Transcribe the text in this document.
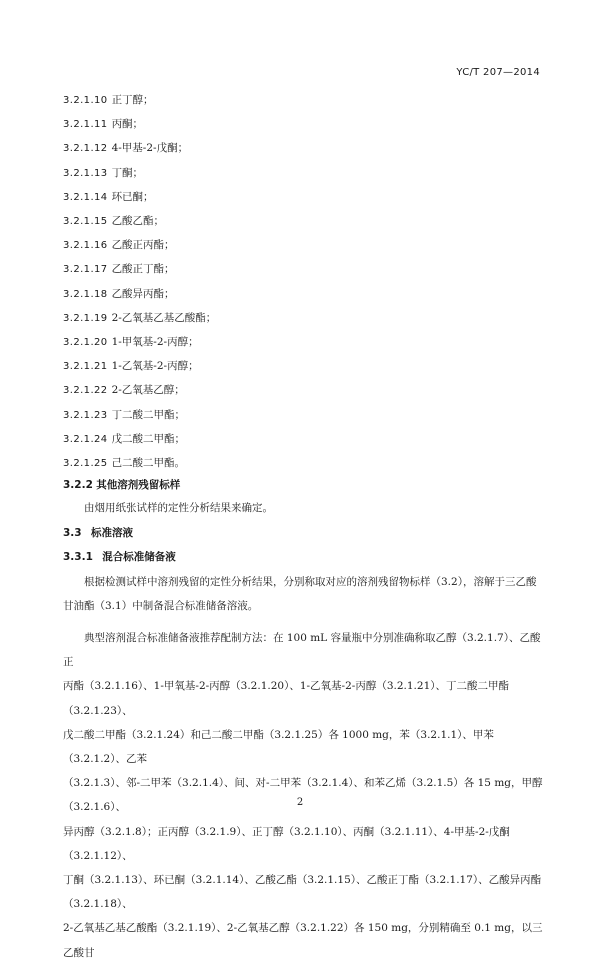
YC/T 207—2014
3.2.1.10 正丁醇；
3.2.1.11 丙酮；
3.2.1.12 4-甲基-2-戊酮；
3.2.1.13 丁酮；
3.2.1.14 环已酮；
3.2.1.15 乙酸乙酯；
3.2.1.16 乙酸正丙酯；
3.2.1.17 乙酸正丁酯；
3.2.1.18 乙酸异丙酯；
3.2.1.19 2-乙氧基乙基乙酸酯；
3.2.1.20 1-甲氧基-2-丙醇；
3.2.1.21 1-乙氧基-2-丙醇；
3.2.1.22 2-乙氧基乙醇；
3.2.1.23 丁二酸二甲酯；
3.2.1.24 戊二酸二甲酯；
3.2.1.25 己二酸二甲酯。
3.2.2 其他溶剂残留标样
由烟用纸张试样的定性分析结果来确定。
3.3 标准溶液
3.3.1 混合标准储备液
根据检测试样中溶剂残留的定性分析结果，分别称取对应的溶剂残留物标样（3.2），溶解于三乙酸
甘油酯（3.1）中制备混合标准储备溶液。
典型溶剂混合标准储备液推荐配制方法：在 100 mL 容量瓶中分别准确称取乙醇（3.2.1.7）、乙酸正
丙酯（3.2.1.16）、1-甲氧基-2-丙醇（3.2.1.20）、1-乙氧基-2-丙醇（3.2.1.21）、丁二酸二甲酯（3.2.1.23）、
戊二酸二甲酯（3.2.1.24）和己二酸二甲酯（3.2.1.25）各 1000 mg，苯（3.2.1.1）、甲苯（3.2.1.2）、乙苯
（3.2.1.3）、邻-二甲苯（3.2.1.4）、间、对-二甲苯（3.2.1.4）、和苯乙烯（3.2.1.5）各 15 mg，甲醇（3.2.1.6）、
异丙醇（3.2.1.8）；正丙醇（3.2.1.9）、正丁醇（3.2.1.10）、丙酮（3.2.1.11）、4-甲基-2-戊酮（3.2.1.12）、
丁酮（3.2.1.13）、环已酮（3.2.1.14）、乙酸乙酯（3.2.1.15）、乙酸正丁酯（3.2.1.17）、乙酸异丙酯（3.2.1.18）、
2-乙氧基乙基乙酸酯（3.2.1.19）、2-乙氧基乙醇（3.2.1.22）各 150 mg，分别精确至 0.1 mg，以三乙酸甘
2
